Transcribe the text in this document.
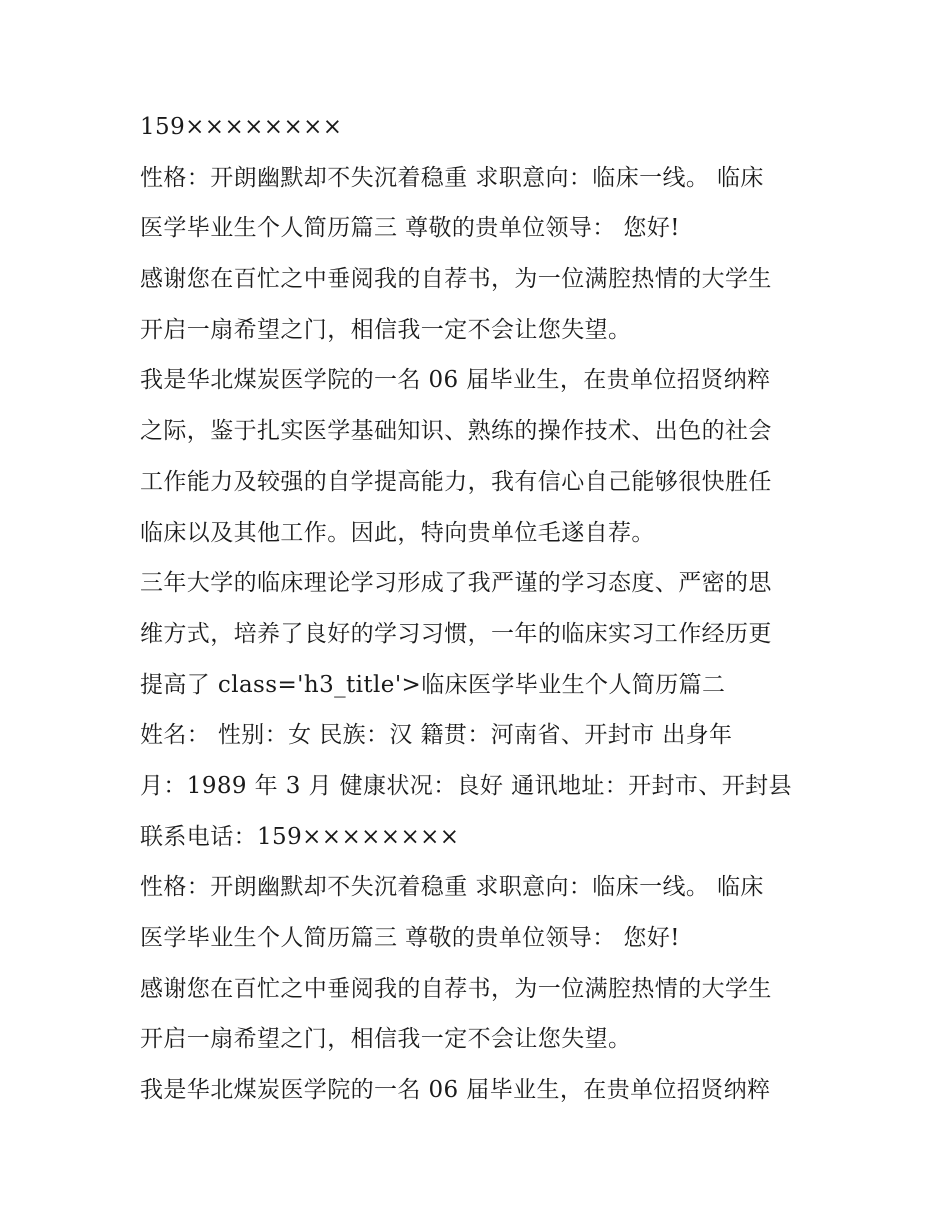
159××××××××
性格：开朗幽默却不失沉着稳重 求职意向：临床一线。 临床
医学毕业生个人简历篇三 尊敬的贵单位领导： 您好!
感谢您在百忙之中垂阅我的自荐书，为一位满腔热情的大学生
开启一扇希望之门，相信我一定不会让您失望。
我是华北煤炭医学院的一名 06 届毕业生，在贵单位招贤纳粹
之际，鉴于扎实医学基础知识、熟练的操作技术、出色的社会
工作能力及较强的自学提高能力，我有信心自己能够很快胜任
临床以及其他工作。因此，特向贵单位毛遂自荐。
三年大学的临床理论学习形成了我严谨的学习态度、严密的思
维方式，培养了良好的学习习惯，一年的临床实习工作经历更
提高了 class='h3_title'>临床医学毕业生个人简历篇二
姓名： 性别：女 民族：汉 籍贯：河南省、开封市 出身年
月：1989 年 3 月 健康状况：良好 通讯地址：开封市、开封县
联系电话：159××××××××
性格：开朗幽默却不失沉着稳重 求职意向：临床一线。 临床
医学毕业生个人简历篇三 尊敬的贵单位领导： 您好!
感谢您在百忙之中垂阅我的自荐书，为一位满腔热情的大学生
开启一扇希望之门，相信我一定不会让您失望。
我是华北煤炭医学院的一名 06 届毕业生，在贵单位招贤纳粹
